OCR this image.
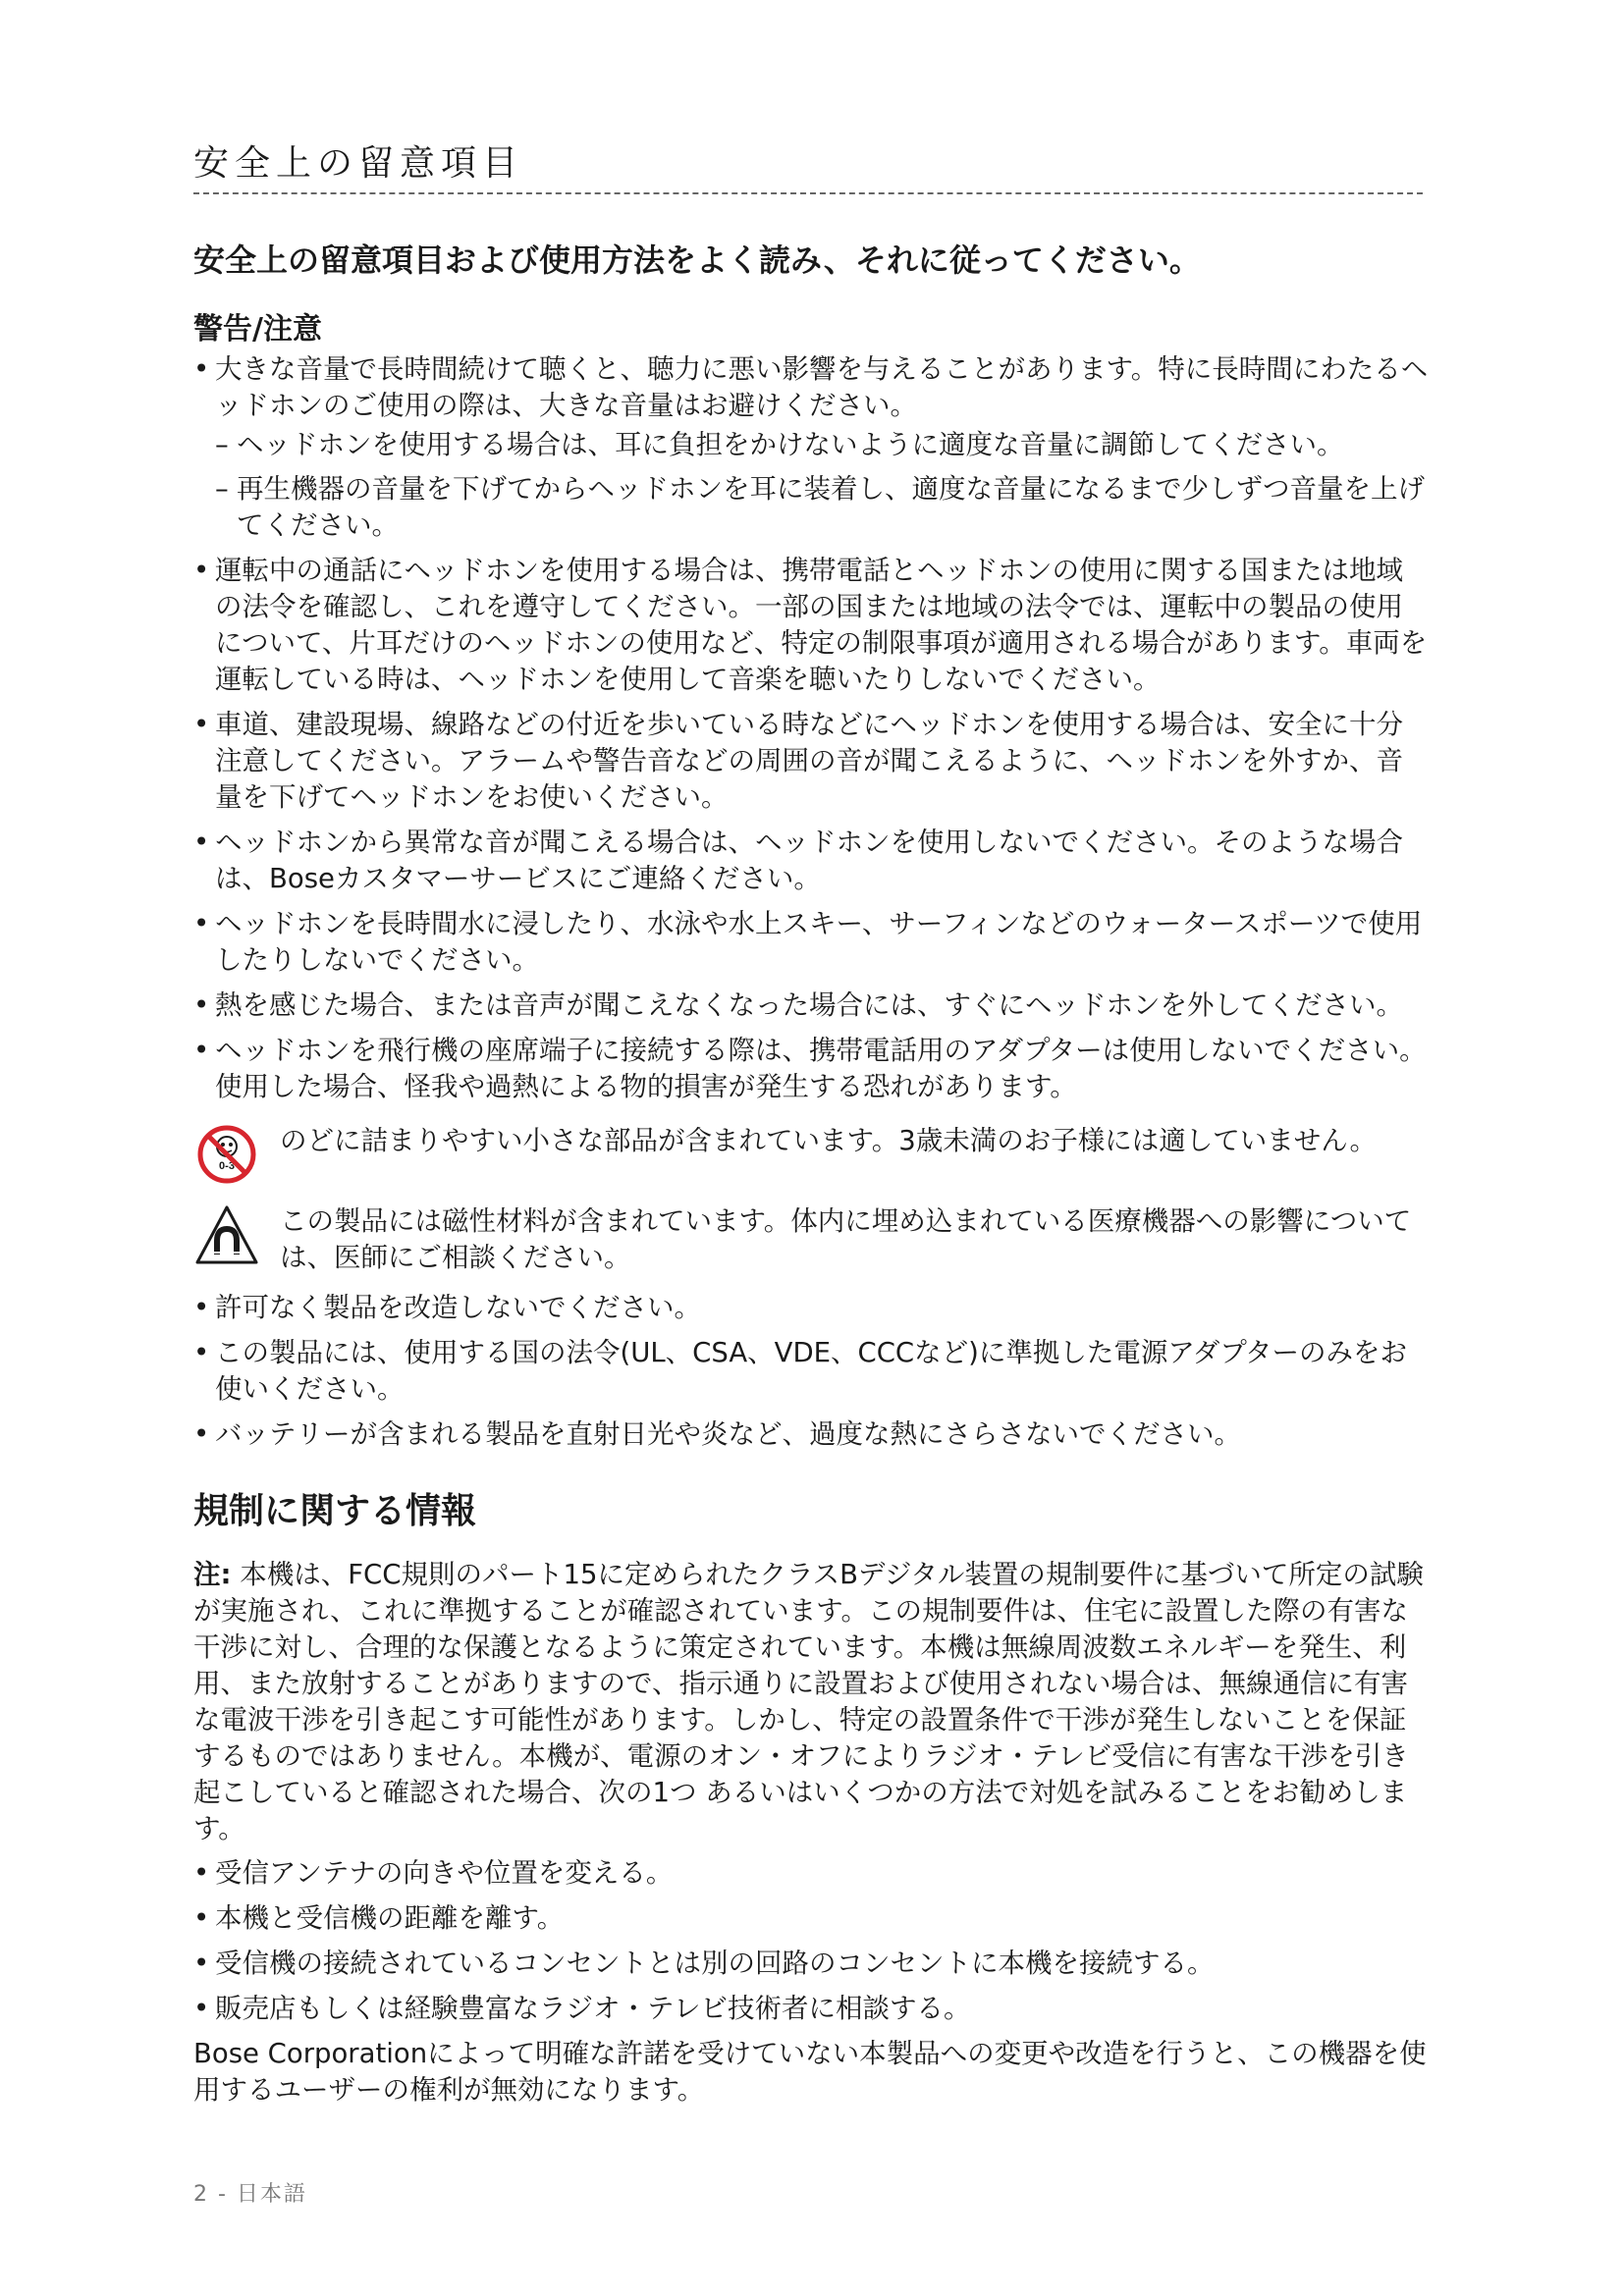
安全上の留意項目

安全上の留意項目および使用方法をよく読み、それに従ってください。

警告/注意
• 大きな音量で長時間続けて聴くと、聴力に悪い影響を与えることがあります。特に長時間にわたるヘッドホンのご使用の際は、大きな音量はお避けください。
– ヘッドホンを使用する場合は、耳に負担をかけないように適度な音量に調節してください。
– 再生機器の音量を下げてからヘッドホンを耳に装着し、適度な音量になるまで少しずつ音量を上げてください。
• 運転中の通話にヘッドホンを使用する場合は、携帯電話とヘッドホンの使用に関する国または地域の法令を確認し、これを遵守してください。一部の国または地域の法令では、運転中の製品の使用について、片耳だけのヘッドホンの使用など、特定の制限事項が適用される場合があります。車両を運転している時は、ヘッドホンを使用して音楽を聴いたりしないでください。
• 車道、建設現場、線路などの付近を歩いている時などにヘッドホンを使用する場合は、安全に十分注意してください。アラームや警告音などの周囲の音が聞こえるように、ヘッドホンを外すか、音量を下げてヘッドホンをお使いください。
• ヘッドホンから異常な音が聞こえる場合は、ヘッドホンを使用しないでください。そのような場合は、Boseカスタマーサービスにご連絡ください。
• ヘッドホンを長時間水に浸したり、水泳や水上スキー、サーフィンなどのウォータースポーツで使用したりしないでください。
• 熱を感じた場合、または音声が聞こえなくなった場合には、すぐにヘッドホンを外してください。
• ヘッドホンを飛行機の座席端子に接続する際は、携帯電話用のアダプターは使用しないでください。使用した場合、怪我や過熱による物的損害が発生する恐れがあります。
0-3
のどに詰まりやすい小さな部品が含まれています。3歳未満のお子様には適していません。
この製品には磁性材料が含まれています。体内に埋め込まれている医療機器への影響については、医師にご相談ください。
• 許可なく製品を改造しないでください。
• この製品には、使用する国の法令(UL、CSA、VDE、CCCなど)に準拠した電源アダプターのみをお使いください。
• バッテリーが含まれる製品を直射日光や炎など、過度な熱にさらさないでください。
規制に関する情報

注: 本機は、FCC規則のパート15に定められたクラスBデジタル装置の規制要件に基づいて所定の試験が実施され、これに準拠することが確認されています。この規制要件は、住宅に設置した際の有害な干渉に対し、合理的な保護となるように策定されています。本機は無線周波数エネルギーを発生、利用、また放射することがありますので、指示通りに設置および使用されない場合は、無線通信に有害な電波干渉を引き起こす可能性があります。しかし、特定の設置条件で干渉が発生しないことを保証するものではありません。本機が、電源のオン・オフによりラジオ・テレビ受信に有害な干渉を引き起こしていると確認された場合、次の1つ あるいはいくつかの方法で対処を試みることをお勧めします。

• 受信アンテナの向きや位置を変える。
• 本機と受信機の距離を離す。
• 受信機の接続されているコンセントとは別の回路のコンセントに本機を接続する。
• 販売店もしくは経験豊富なラジオ・テレビ技術者に相談する。

Bose Corporationによって明確な許諾を受けていない本製品への変更や改造を行うと、この機器を使用するユーザーの権利が無効になります。

2 - 日本語
